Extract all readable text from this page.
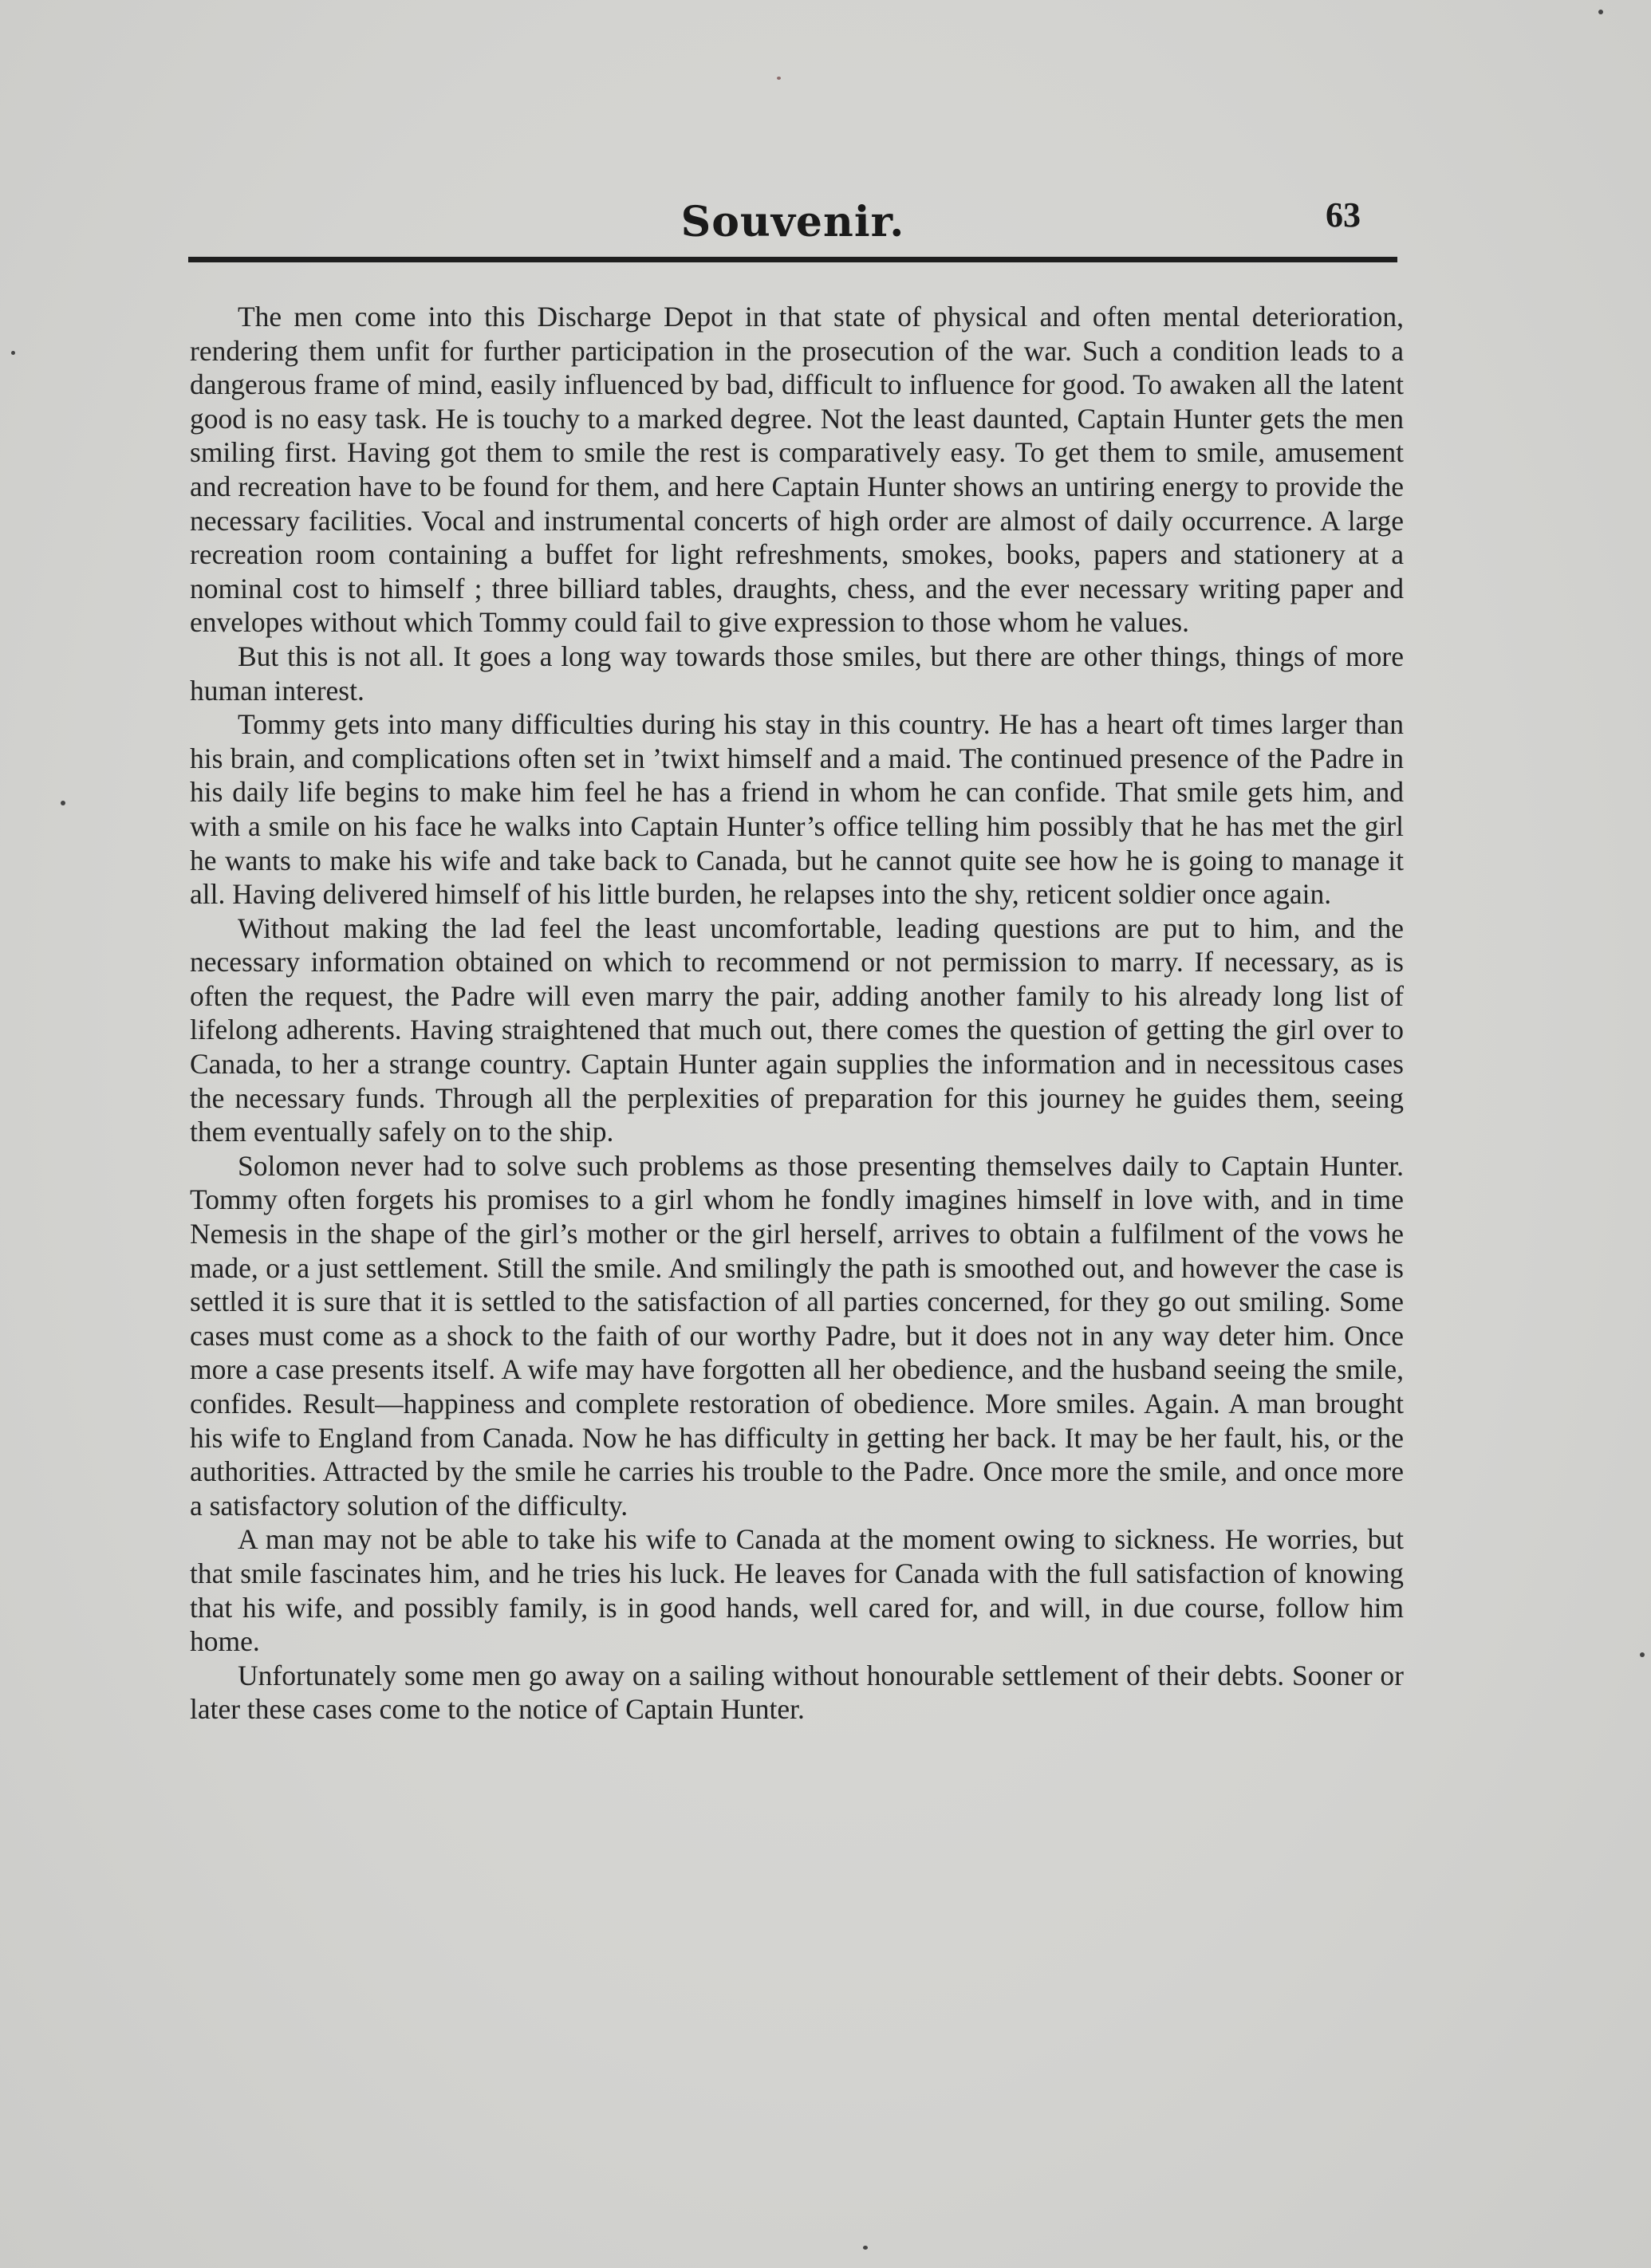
Souvenir.	63

The men come into this Discharge Depot in that state of physical and often mental deterioration, rendering them unfit for further participation in the prosecution of the war. Such a condition leads to a dangerous frame of mind, easily influenced by bad, difficult to influence for good. To awaken all the latent good is no easy task. He is touchy to a marked degree. Not the least daunted, Captain Hunter gets the men smiling first. Having got them to smile the rest is comparatively easy. To get them to smile, amusement and recreation have to be found for them, and here Captain Hunter shows an untiring energy to provide the necessary facilities. Vocal and instrumental concerts of high order are almost of daily occurrence. A large recreation room containing a buffet for light refreshments, smokes, books, papers and stationery at a nominal cost to himself ; three billiard tables, draughts, chess, and the ever necessary writing paper and envelopes without which Tommy could fail to give expression to those whom he values.

But this is not all. It goes a long way towards those smiles, but there are other things, things of more human interest.

Tommy gets into many difficulties during his stay in this country. He has a heart oft times larger than his brain, and complications often set in ’twixt himself and a maid. The continued presence of the Padre in his daily life begins to make him feel he has a friend in whom he can confide. That smile gets him, and with a smile on his face he walks into Captain Hunter’s office telling him possibly that he has met the girl he wants to make his wife and take back to Canada, but he cannot quite see how he is going to manage it all. Having delivered himself of his little burden, he relapses into the shy, reticent soldier once again.

Without making the lad feel the least uncomfortable, leading questions are put to him, and the necessary information obtained on which to recommend or not permission to marry. If necessary, as is often the request, the Padre will even marry the pair, adding another family to his already long list of lifelong adherents. Having straightened that much out, there comes the question of getting the girl over to Canada, to her a strange country. Captain Hunter again supplies the information and in necessitous cases the necessary funds. Through all the perplexities of preparation for this journey he guides them, seeing them eventually safely on to the ship.

Solomon never had to solve such problems as those presenting themselves daily to Captain Hunter. Tommy often forgets his promises to a girl whom he fondly imagines himself in love with, and in time Nemesis in the shape of the girl’s mother or the girl herself, arrives to obtain a fulfilment of the vows he made, or a just settlement. Still the smile. And smilingly the path is smoothed out, and however the case is settled it is sure that it is settled to the satisfaction of all parties concerned, for they go out smiling. Some cases must come as a shock to the faith of our worthy Padre, but it does not in any way deter him. Once more a case presents itself. A wife may have forgotten all her obedience, and the husband seeing the smile, confides. Result—happiness and complete restoration of obedience. More smiles. Again. A man brought his wife to England from Canada. Now he has difficulty in getting her back. It may be her fault, his, or the authorities. Attracted by the smile he carries his trouble to the Padre. Once more the smile, and once more a satisfactory solution of the difficulty.

A man may not be able to take his wife to Canada at the moment owing to sickness. He worries, but that smile fascinates him, and he tries his luck. He leaves for Canada with the full satisfaction of knowing that his wife, and possibly family, is in good hands, well cared for, and will, in due course, follow him home.

Unfortunately some men go away on a sailing without honourable settlement of their debts. Sooner or later these cases come to the notice of Captain Hunter.
